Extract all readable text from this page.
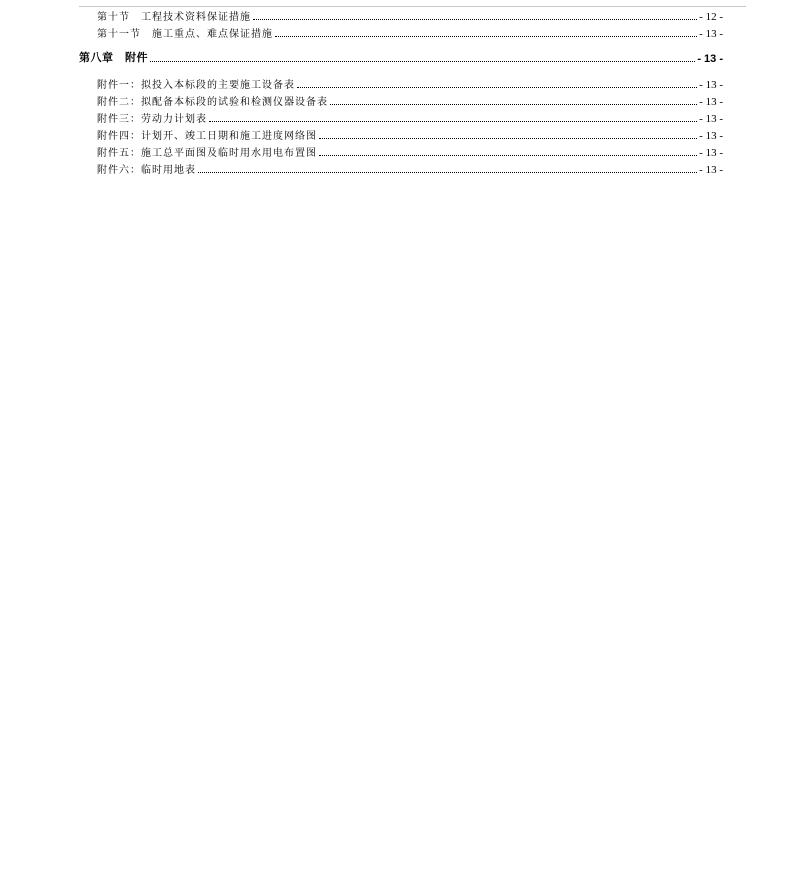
第十节　工程技术资料保证措施	- 12 -
第十一节　施工重点、难点保证措施	- 13 -
第八章　附件	- 13 -
附件一：拟投入本标段的主要施工设备表	- 13 -
附件二：拟配备本标段的试验和检测仪器设备表	- 13 -
附件三：劳动力计划表	- 13 -
附件四：计划开、竣工日期和施工进度网络图	- 13 -
附件五：施工总平面图及临时用水用电布置图	- 13 -
附件六：临时用地表	- 13 -
